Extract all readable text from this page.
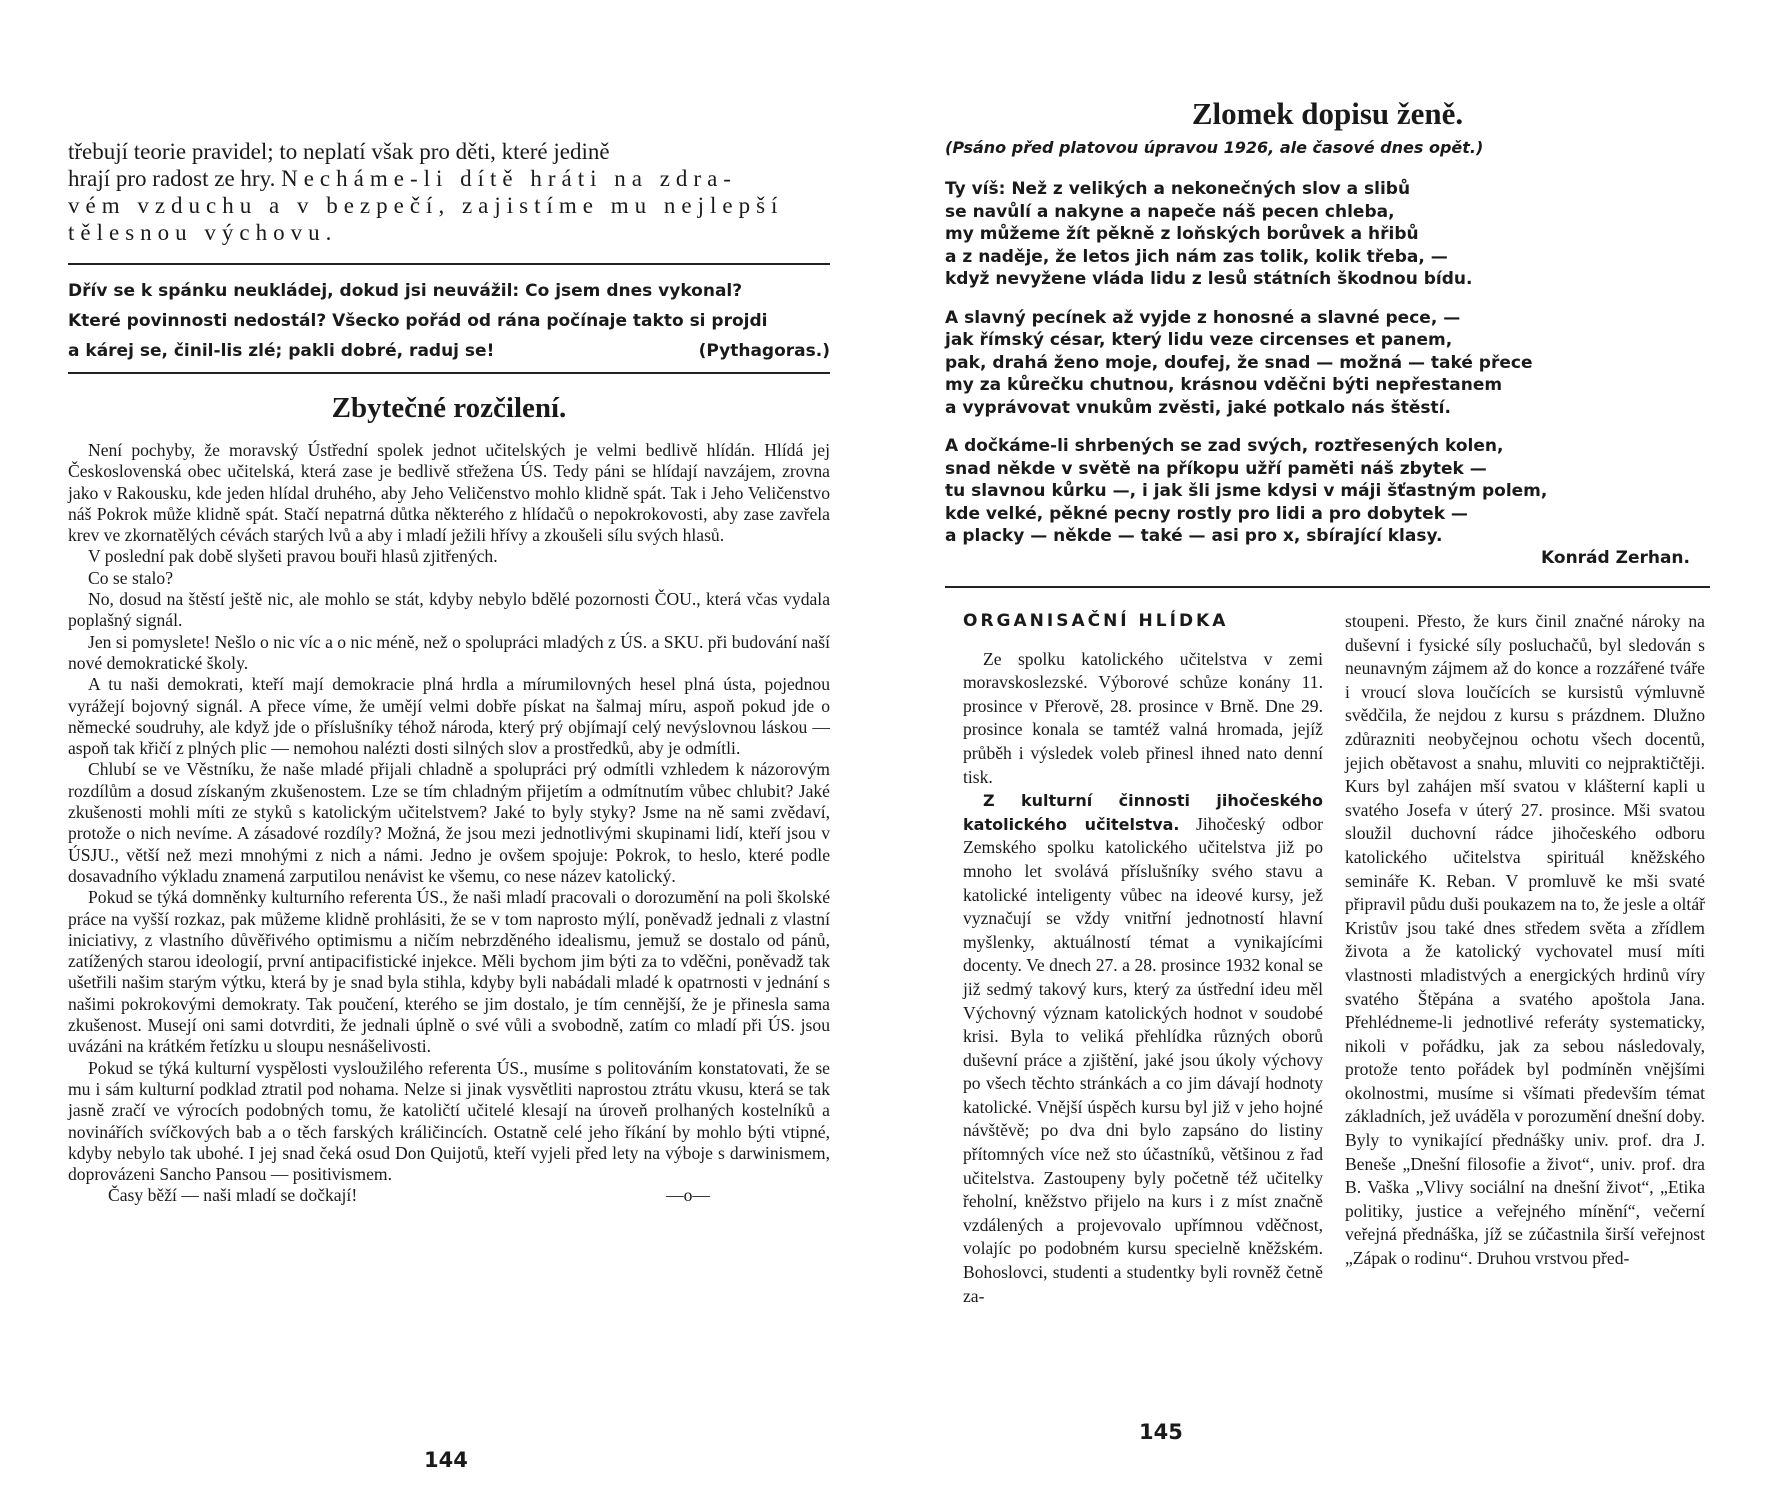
třebují teorie pravidel; to neplatí však pro děti, které jedině
hrají pro radost ze hry. Necháme-li dítě hráti na zdra-
vém vzduchu a v bezpečí, zajistíme mu nejlepší
tělesnou výchovu.
Dřív se k spánku neukládej, dokud jsi neuvážil: Co jsem dnes vykonal?
Které povinnosti nedostál? Všecko pořád od rána počínaje takto si projdi
a kárej se, činil-lis zlé; pakli dobré, raduj se!	(Pythagoras.)
Zbytečné rozčilení.

Není pochyby, že moravský Ústřední spolek jednot učitelských je velmi bedlivě hlídán. Hlídá jej Československá obec učitelská, která zase je bedlivě střežena ÚS. Tedy páni se hlídají navzájem, zrovna jako v Rakousku, kde jeden hlídal druhého, aby Jeho Veličenstvo mohlo klidně spát. Tak i Jeho Veličenstvo náš Pokrok může klidně spát. Stačí nepatrná důtka některého z hlídačů o nepokrokovosti, aby zase zavřela krev ve zkornatělých cévách starých lvů a aby i mladí ježili hřívy a zkoušeli sílu svých hlasů.

V poslední pak době slyšeti pravou bouři hlasů zjitřených.

Co se stalo?

No, dosud na štěstí ještě nic, ale mohlo se stát, kdyby nebylo bdělé pozornosti ČOU., která včas vydala poplašný signál.

Jen si pomyslete! Nešlo o nic víc a o nic méně, než o spolupráci mladých z ÚS. a SKU. při budování naší nové demokratické školy.

A tu naši demokrati, kteří mají demokracie plná hrdla a mírumilovných hesel plná ústa, pojednou vyrážejí bojovný signál. A přece víme, že umějí velmi dobře pískat na šalmaj míru, aspoň pokud jde o německé soudruhy, ale když jde o příslušníky téhož národa, který prý objímají celý nevýslovnou láskou — aspoň tak křičí z plných plic — nemohou nalézti dosti silných slov a prostředků, aby je odmítli.

Chlubí se ve Věstníku, že naše mladé přijali chladně a spolupráci prý odmítli vzhledem k názorovým rozdílům a dosud získaným zkušenostem. Lze se tím chladným přijetím a odmítnutím vůbec chlubit? Jaké zkušenosti mohli míti ze styků s katolickým učitelstvem? Jaké to byly styky? Jsme na ně sami zvědaví, protože o nich nevíme. A zásadové rozdíly? Možná, že jsou mezi jednotlivými skupinami lidí, kteří jsou v ÚSJU., větší než mezi mnohými z nich a námi. Jedno je ovšem spojuje: Pokrok, to heslo, které podle dosavadního výkladu znamená zarputilou nenávist ke všemu, co nese název katolický.

Pokud se týká domněnky kulturního referenta ÚS., že naši mladí pracovali o dorozumění na poli školské práce na vyšší rozkaz, pak můžeme klidně prohlásiti, že se v tom naprosto mýlí, poněvadž jednali z vlastní iniciativy, z vlastního důvěřivého optimismu a ničím nebrzděného idealismu, jemuž se dostalo od pánů, zatížených starou ideologií, první antipacifistické injekce. Měli bychom jim býti za to vděčni, poněvadž tak ušetřili našim starým výtku, která by je snad byla stihla, kdyby byli nabádali mladé k opatrnosti v jednání s našimi pokrokovými demokraty. Tak poučení, kterého se jim dostalo, je tím cennější, že je přinesla sama zkušenost. Musejí oni sami dotvrditi, že jednali úplně o své vůli a svobodně, zatím co mladí při ÚS. jsou uvázáni na krátkém řetízku u sloupu nesnášelivosti.

Pokud se týká kulturní vyspělosti vysloužilého referenta ÚS., musíme s politováním konstatovati, že se mu i sám kulturní podklad ztratil pod nohama. Nelze si jinak vysvětliti naprostou ztrátu vkusu, která se tak jasně zračí ve výrocích podobných tomu, že katoličtí učitelé klesají na úroveň prolhaných kostelníků a novinářích svíčkových bab a o těch farských králičincích. Ostatně celé jeho říkání by mohlo býti vtipné, kdyby nebylo tak ubohé. I jej snad čeká osud Don Quijotů, kteří vyjeli před lety na výboje s darwinismem, doprovázeni Sancho Pansou — positivismem.

Časy běží — naši mladí se dočkají!	—o—
144
Zlomek dopisu ženě.
(Psáno před platovou úpravou 1926, ale časové dnes opět.)
Ty víš: Než z velikých a nekonečných slov a slibů
se navůlí a nakyne a napeče náš pecen chleba,
my můžeme žít pěkně z loňských borůvek a hřibů
a z naděje, že letos jich nám zas tolik, kolik třeba, —
když nevyžene vláda lidu z lesů státních škodnou bídu.
A slavný pecínek až vyjde z honosné a slavné pece, —
jak římský césar, který lidu veze circenses et panem,
pak, drahá ženo moje, doufej, že snad — možná — také přece
my za kůrečku chutnou, krásnou vděčni býti nepřestanem
a vyprávovat vnukům zvěsti, jaké potkalo nás štěstí.
A dočkáme-li shrbených se zad svých, roztřesených kolen,
snad někde v světě na příkopu užří paměti náš zbytek —
tu slavnou kůrku —, i jak šli jsme kdysi v máji šťastným polem,
kde velké, pěkné pecny rostly pro lidi a pro dobytek —
a placky — někde — také — asi pro x, sbírající klasy.
Konrád Zerhan.
ORGANISAČNÍ HLÍDKA

Ze spolku katolického učitelstva v zemi moravskoslezské. Výborové schůze konány 11. prosince v Přerově, 28. prosince v Brně. Dne 29. prosince konala se tamtéž valná hromada, jejíž průběh i výsledek voleb přinesl ihned nato denní tisk.

Z kulturní činnosti jihočeského katolického učitelstva. Jihočeský odbor Zemského spolku katolického učitelstva již po mnoho let svolává příslušníky svého stavu a katolické inteligenty vůbec na ideové kursy, jež vyznačují se vždy vnitřní jednotností hlavní myšlenky, aktuálností témat a vynikajícími docenty. Ve dnech 27. a 28. prosince 1932 konal se již sedmý takový kurs, který za ústřední ideu měl Výchovný význam katolických hodnot v soudobé krisi. Byla to veliká přehlídka různých oborů duševní práce a zjištění, jaké jsou úkoly výchovy po všech těchto stránkách a co jim dávají hodnoty katolické. Vnější úspěch kursu byl již v jeho hojné návštěvě; po dva dni bylo zapsáno do listiny přítomných více než sto účastníků, většinou z řad učitelstva. Zastoupeny byly početně též učitelky řeholní, kněžstvo přijelo na kurs i z míst značně vzdálených a projevovalo upřímnou vděčnost, volajíc po podobném kursu specielně kněžském. Bohoslovci, studenti a studentky byli rovněž četně za-

stoupeni. Přesto, že kurs činil značné nároky na duševní i fysické síly posluchačů, byl sledován s neunavným zájmem až do konce a rozzářené tváře i vroucí slova loučících se kursistů výmluvně svědčila, že nejdou z kursu s prázdnem. Dlužno zdůrazniti neobyčejnou ochotu všech docentů, jejich obětavost a snahu, mluviti co nejpraktičtěji. Kurs byl zahájen mší svatou v klášterní kapli u svatého Josefa v úterý 27. prosince. Mši svatou sloužil duchovní rádce jihočeského odboru katolického učitelstva spirituál kněžského semináře K. Reban. V promluvě ke mši svaté připravil půdu duši poukazem na to, že jesle a oltář Kristův jsou také dnes středem světa a zřídlem života a že katolický vychovatel musí míti vlastnosti mladistvých a energických hrdinů víry svatého Štěpána a svatého apoštola Jana. Přehlédneme-li jednotlivé referáty systematicky, nikoli v pořádku, jak za sebou následovaly, protože tento pořádek byl podmíněn vnějšími okolnostmi, musíme si všímati především témat základních, jež uváděla v porozumění dnešní doby. Byly to vynikající přednášky univ. prof. dra J. Beneše „Dnešní filosofie a život“, univ. prof. dra B. Vaška „Vlivy sociální na dnešní život“, „Etika politiky, justice a veřejného mínění“, večerní veřejná přednáška, jíž se zúčastnila širší veřejnost „Zápak o rodinu“. Druhou vrstvou před-

145
